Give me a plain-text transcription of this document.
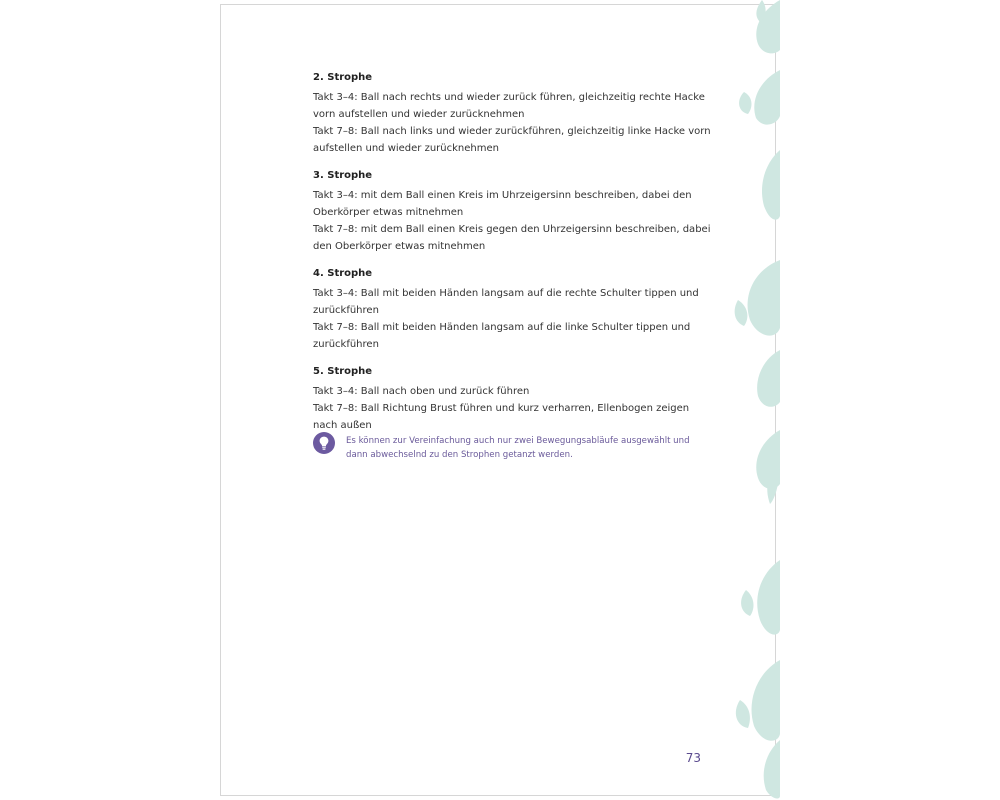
2. Strophe
Takt 3–4: Ball nach rechts und wieder zurück führen, gleichzeitig rechte Hacke vorn aufstellen und wieder zurücknehmen
Takt 7–8: Ball nach links und wieder zurückführen, gleichzeitig linke Hacke vorn aufstellen und wieder zurücknehmen
3. Strophe
Takt 3–4: mit dem Ball einen Kreis im Uhrzeigersinn beschreiben, dabei den Oberkörper etwas mitnehmen
Takt 7–8: mit dem Ball einen Kreis gegen den Uhrzeigersinn beschreiben, dabei den Oberkörper etwas mitnehmen
4. Strophe
Takt 3–4: Ball mit beiden Händen langsam auf die rechte Schulter tippen und zurückführen
Takt 7–8: Ball mit beiden Händen langsam auf die linke Schulter tippen und zurückführen
5. Strophe
Takt 3–4: Ball nach oben und zurück führen
Takt 7–8: Ball Richtung Brust führen und kurz verharren, Ellenbogen zeigen nach außen
Es können zur Vereinfachung auch nur zwei Bewegungsabläufe ausgewählt und dann abwechselnd zu den Strophen getanzt werden.
73
